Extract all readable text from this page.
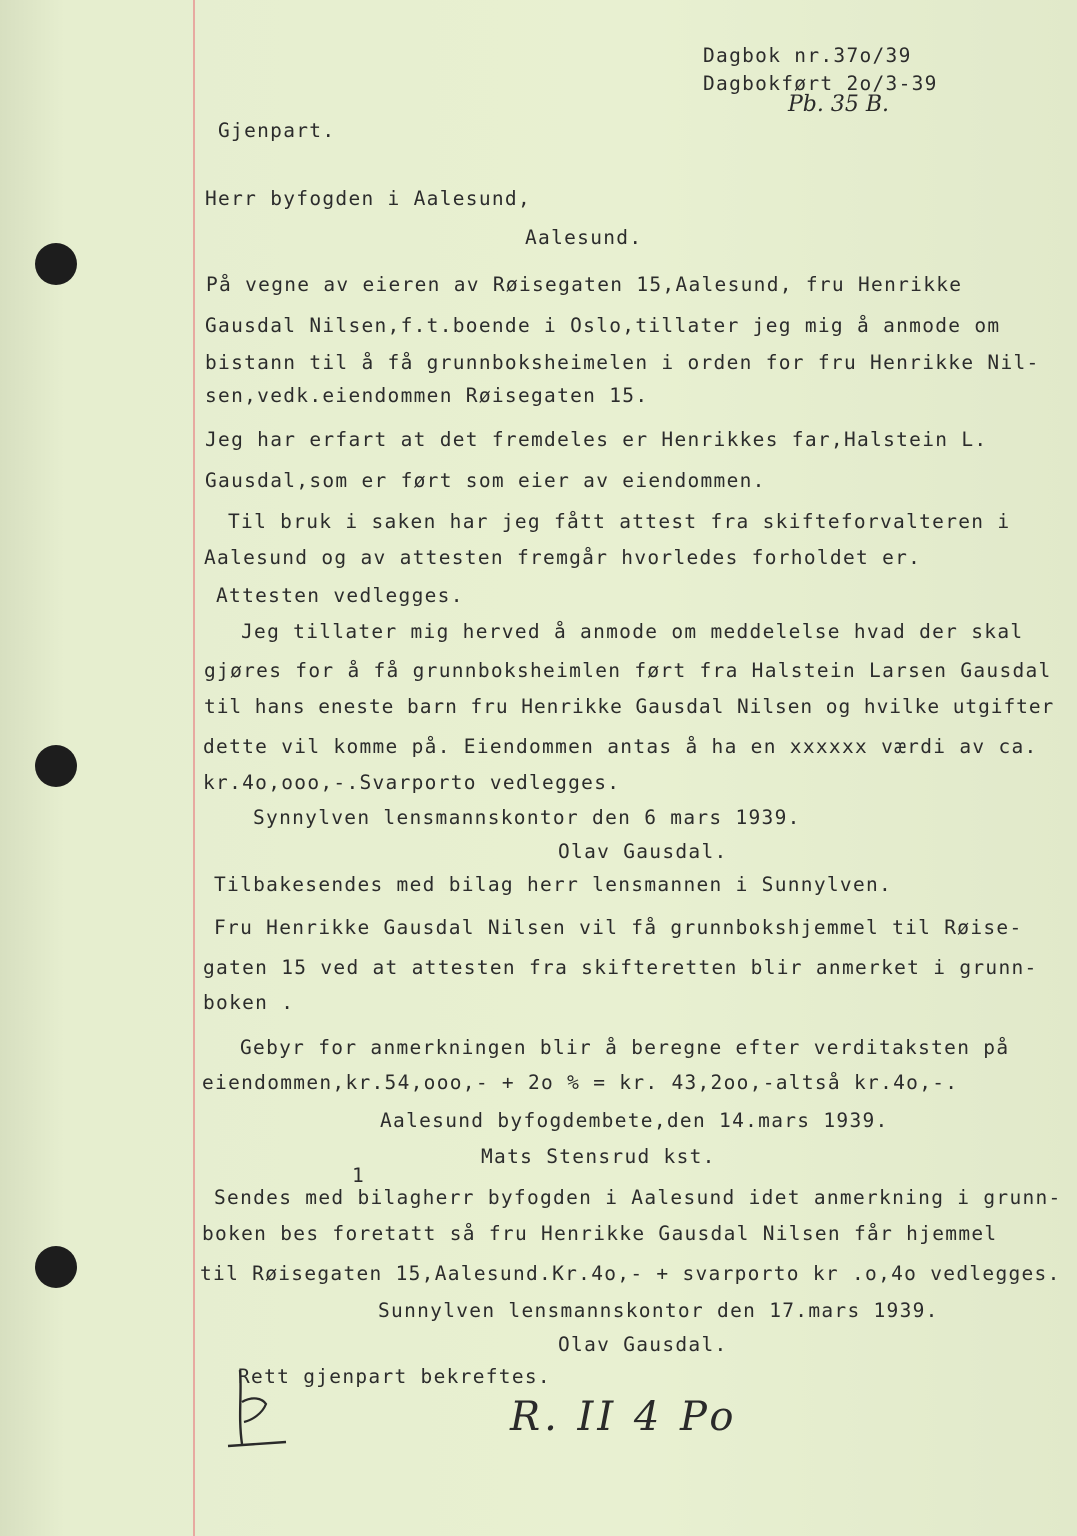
Dagbok nr.37o/39
Dagbokført 2o/3-39
Pb. 35 B.
Gjenpart.
Herr byfogden i Aalesund,
Aalesund.
På vegne av eieren av Røisegaten 15,Aalesund, fru Henrikke
Gausdal Nilsen,f.t.boende i Oslo,tillater jeg mig å anmode om
bistann til å få grunnboksheimelen i orden for fru Henrikke Nil-
sen,vedk.eiendommen Røisegaten 15.
Jeg har erfart at det fremdeles er Henrikkes far,Halstein L.
Gausdal,som er ført som eier av eiendommen.
Til bruk i saken har jeg fått attest fra skifteforvalteren i
Aalesund og av attesten fremgår hvorledes forholdet er.
Attesten vedlegges.
Jeg tillater mig herved å anmode om meddelelse hvad der skal
gjøres for å få grunnboksheimlen ført fra Halstein Larsen Gausdal
til hans eneste barn fru Henrikke Gausdal Nilsen og hvilke utgifter
dette vil komme på. Eiendommen antas å ha en xxxxxx værdi av ca.
kr.4o,ooo,-.Svarporto vedlegges.
Synnylven lensmannskontor den 6 mars 1939.
Olav Gausdal.
Tilbakesendes med bilag herr lensmannen i Sunnylven.
Fru Henrikke Gausdal Nilsen vil få grunnbokshjemmel til Røise-
gaten 15 ved at attesten fra skifteretten blir anmerket i grunn-
boken .
Gebyr for anmerkningen blir å beregne efter verditaksten på
eiendommen,kr.54,ooo,- + 2o % = kr. 43,2oo,-altså kr.4o,-.
Aalesund byfogdembete,den 14.mars 1939.
Mats Stensrud kst.
1
Sendes med bilagherr byfogden i Aalesund idet anmerkning i grunn-
boken bes foretatt så fru Henrikke Gausdal Nilsen får hjemmel
til Røisegaten 15,Aalesund.Kr.4o,- + svarporto kr .o,4o vedlegges.
Sunnylven lensmannskontor den 17.mars 1939.
Olav Gausdal.
Rett gjenpart bekreftes.
R. II 4 Po
